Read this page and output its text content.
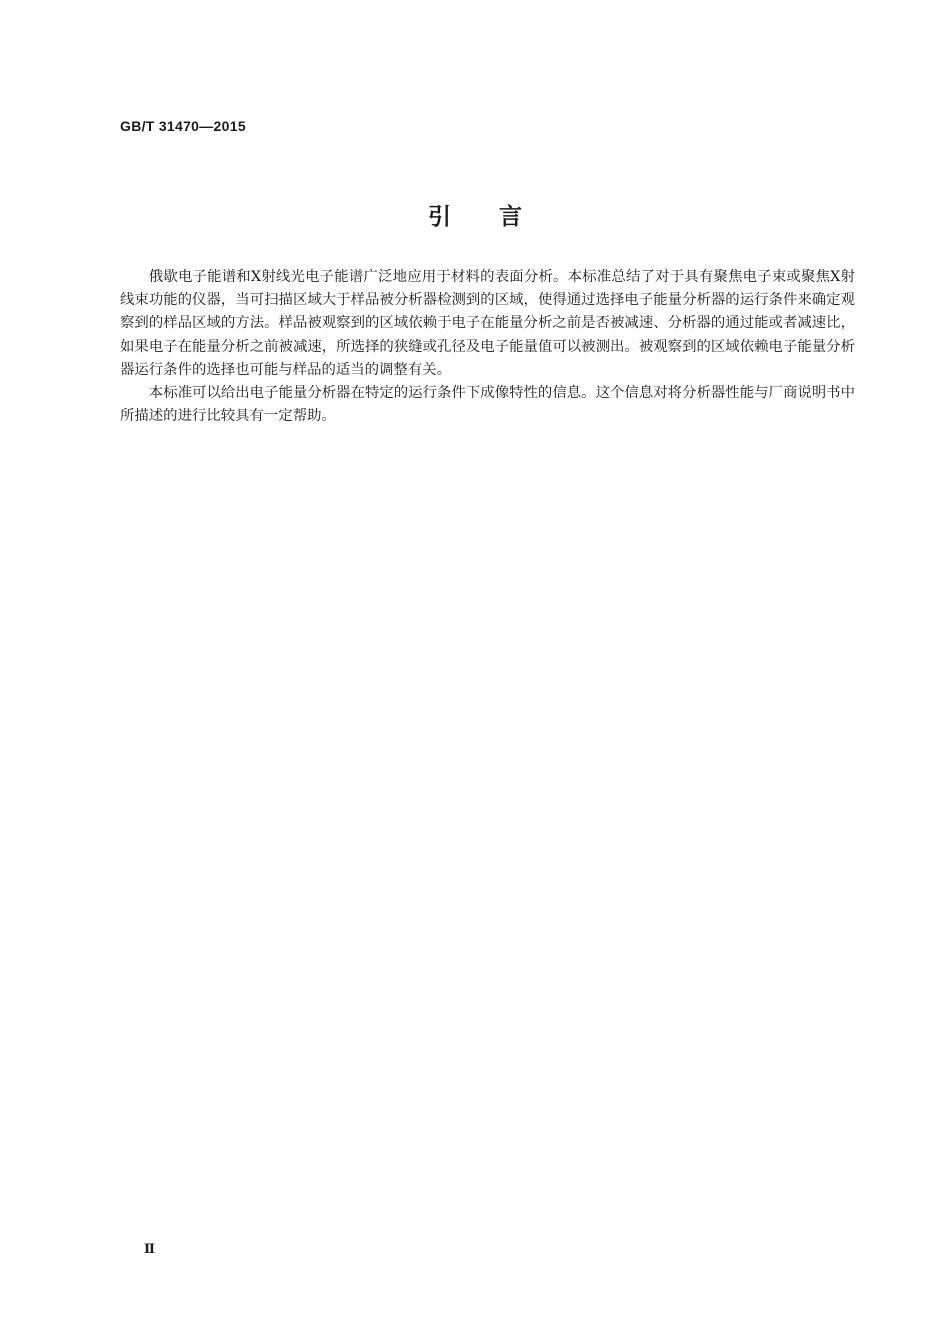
GB/T 31470—2015
引言

俄歇电子能谱和X射线光电子能谱广泛地应用于材料的表面分析。本标准总结了对于具有聚焦电子束或聚焦X射线束功能的仪器，当可扫描区域大于样品被分析器检测到的区域，使得通过选择电子能量分析器的运行条件来确定观察到的样品区域的方法。样品被观察到的区域依赖于电子在能量分析之前是否被减速、分析器的通过能或者减速比，如果电子在能量分析之前被减速，所选择的狭缝或孔径及电子能量值可以被测出。被观察到的区域依赖电子能量分析器运行条件的选择也可能与样品的适当的调整有关。

本标准可以给出电子能量分析器在特定的运行条件下成像特性的信息。这个信息对将分析器性能与厂商说明书中所描述的进行比较具有一定帮助。

Ⅱ
